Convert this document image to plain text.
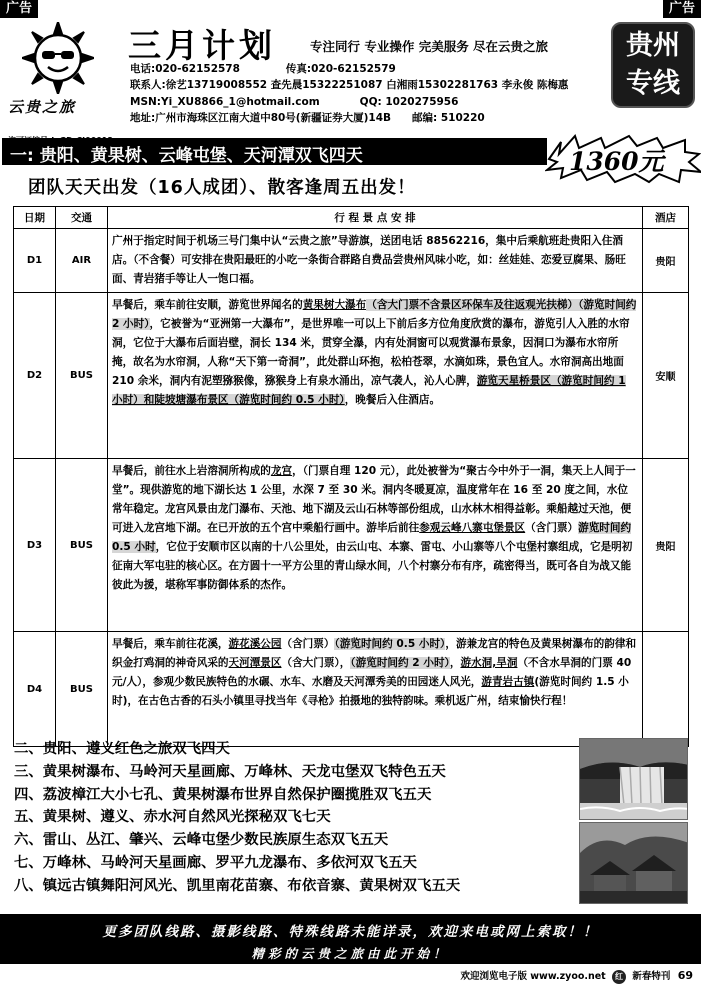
广告	广告
云贵之旅
三月计划	专注同行 专业操作 完美服务 尽在云贵之旅
电话:020-62152578	传真:020-62152579
联系人:徐艺13719008552 查先晨15322251087 白湘雨15302281763 李永俊 陈梅惠
MSN:Yi_XU8866_1@hotmail.com	QQ: 1020275956
地址:广州市海珠区江南大道中80号(新疆证券大厦)14B　　邮编: 510220
贵州
专线
一: 贵阳、黄果树、云峰屯堡、天河潭双飞四天	1360元
团队天天出发（16人成团）、散客逢周五出发！
日期	交通	行 程 景 点 安 排	酒店
D1	AIR	广州于指定时间于机场三号门集中认“云贵之旅”导游旗，送团电话 88562216，集中后乘航班赴贵阳入住酒店。（不含餐）可安排在贵阳最旺的小吃一条街合群路自费品尝贵州风味小吃，如：丝娃娃、恋爱豆腐果、肠旺面、青岩猪手等让人一饱口福。	贵阳
D2	BUS	早餐后，乘车前往安顺，游览世界闻名的黄果树大瀑布（含大门票不含景区环保车及往返观光扶梯）（游览时间约 2 小时），它被誉为“亚洲第一大瀑布”，是世界唯一可以上下前后多方位角度欣赏的瀑布，游览引人入胜的水帘洞，它位于大瀑布后面岩壁，洞长 134 米，贯穿全瀑，内有处洞窗可以观赏瀑布景象，因洞口为瀑布水帘所掩，故名为水帘洞，人称“天下第一奇洞”，此处群山环抱，松柏苍翠，水滴如珠，景色宜人。水帘洞高出地面 210 余米，洞内有泥塑猕猴像，猕猴身上有泉水涌出，凉气袭人，沁人心脾，游览天星桥景区（游览时间约 1 小时）和陡坡塘瀑布景区（游览时间约 0.5 小时），晚餐后入住酒店。	安顺
D3	BUS	早餐后，前往水上岩溶洞所构成的龙宫，（门票自理 120 元），此处被誉为“聚古今中外于一洞，集天上人间于一堂”。现供游览的地下湖长达 1 公里，水深 7 至 30 米。洞内冬暖夏凉，温度常年在 16 至 20 度之间，水位常年稳定。龙宫风景由龙门瀑布、天池、地下湖及云山石林等部份组成，山水林木相得益彰。乘船越过天池，便可进入龙宫地下湖。在已开放的五个宫中乘船行画中。游毕后前往参观云峰八寨屯堡景区（含门票）游览时间约 0.5 小时，它位于安顺市区以南的十八公里处，由云山屯、本寨、雷屯、小山寨等八个屯堡村寨组成，它是明初征南大军屯驻的核心区。在方圆十一平方公里的青山绿水间，八个村寨分布有序，疏密得当，既可各自为战又能彼此为援，堪称军事防御体系的杰作。	贵阳
D4	BUS	早餐后，乘车前往花溪，游花溪公园（含门票）（游览时间约 0.5 小时），游兼龙宫的特色及黄果树瀑布的韵律和织金打鸡洞的神奇风采的天河潭景区（含大门票），（游览时间约 2 小时），游水洞,旱洞（不含水旱洞的门票 40 元/人），参观少数民族特色的水碾、水车、水磨及天河潭秀美的田园迷人风光，游青岩古镇(游览时间约 1.5 小时)，在古色古香的石头小镇里寻找当年《寻枪》拍摄地的独特韵味。乘机返广州，结束愉快行程！	
二、贵阳、遵义红色之旅双飞四天
三、黄果树瀑布、马岭河天星画廊、万峰林、天龙屯堡双飞特色五天
四、荔波樟江大小七孔、黄果树瀑布世界自然保护圈揽胜双飞五天
五、黄果树、遵义、赤水河自然风光探秘双飞七天
六、雷山、丛江、肇兴、云峰屯堡少数民族原生态双飞五天
七、万峰林、马岭河天星画廊、罗平九龙瀑布、多依河双飞五天
八、镇远古镇舞阳河风光、凯里南花苗寨、布依音寨、黄果树双飞五天
更多团队线路、摄影线路、特殊线路未能详录，欢迎来电或网上索取！！
精彩的云贵之旅由此开始！
欢迎浏览电子版 www.zyoo.net 红 新春特刊 69
